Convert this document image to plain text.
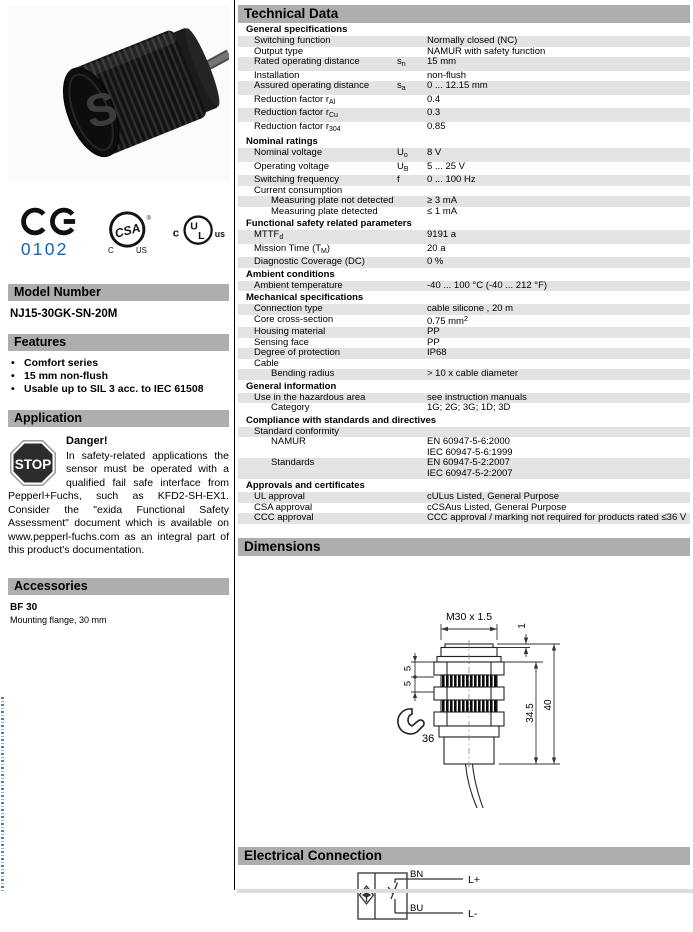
S
0102
CSA
®
C US
c
U
L us
Model Number
NJ15-30GK-SN-20M
Features
• Comfort series
• 15 mm non-flush
• Usable up to SIL 3 acc. to IEC 61508
Application
STOP
Danger!

In safety-related applications the sensor must be operated with a qualified fail safe interface from Pepperl+Fuchs, such as KFD2-SH-EX1. Consider the "exida Functional Safety Assessment" document which is available on www.pepperl-fuchs.com as an integral part of this product's documentation.

Accessories
BF 30
Mounting flange, 30 mm
Technical Data
General specifications
Switching function	Normally closed (NC)
Output type	NAMUR with safety function
Rated operating distance	$s_n$	15 mm
Installation	non-flush
Assured operating distance	$s_a$	0 ... 12.15 mm
Reduction factor $r_{Al}$	0.4
Reduction factor $r_{Cu}$	0.3
Reduction factor $r_{304}$	0.85
Nominal ratings
Nominal voltage	$U_o$	8 V
Operating voltage	$U_B$	5 ... 25 V
Switching frequency	f	0 ... 100 Hz
Current consumption
Measuring plate not detected	≥ 3 mA
Measuring plate detected	≤ 1 mA
Functional safety related parameters
$MTTF_d$	9191 a
Mission Time $(T_M)$	20 a
Diagnostic Coverage (DC)	0 %
Ambient conditions
Ambient temperature	-40 ... 100 °C (-40 ... 212 °F)
Mechanical specifications
Connection type	cable silicone , 20 m
Core cross-section	0.75 $mm^2$
Housing material	PP
Sensing face	PP
Degree of protection	IP68
Cable
Bending radius	> 10 x cable diameter
General information
Use in the hazardous area	see instruction manuals
Category	1G; 2G; 3G; 1D; 3D
Compliance with standards and directives
Standard conformity
NAMUR	EN 60947-5-6:2000
IEC 60947-5-6:1999
Standards	EN 60947-5-2:2007
IEC 60947-5-2:2007
Approvals and certificates
UL approval	cULus Listed, General Purpose
CSA approval	cCSAus Listed, General Purpose
CCC approval	CCC approval / marking not required for products rated ≤36 V
Dimensions
M30 x 1.5
1
34.5 40
5
5
36
Electrical Connection
BN
BU
L+
L-
